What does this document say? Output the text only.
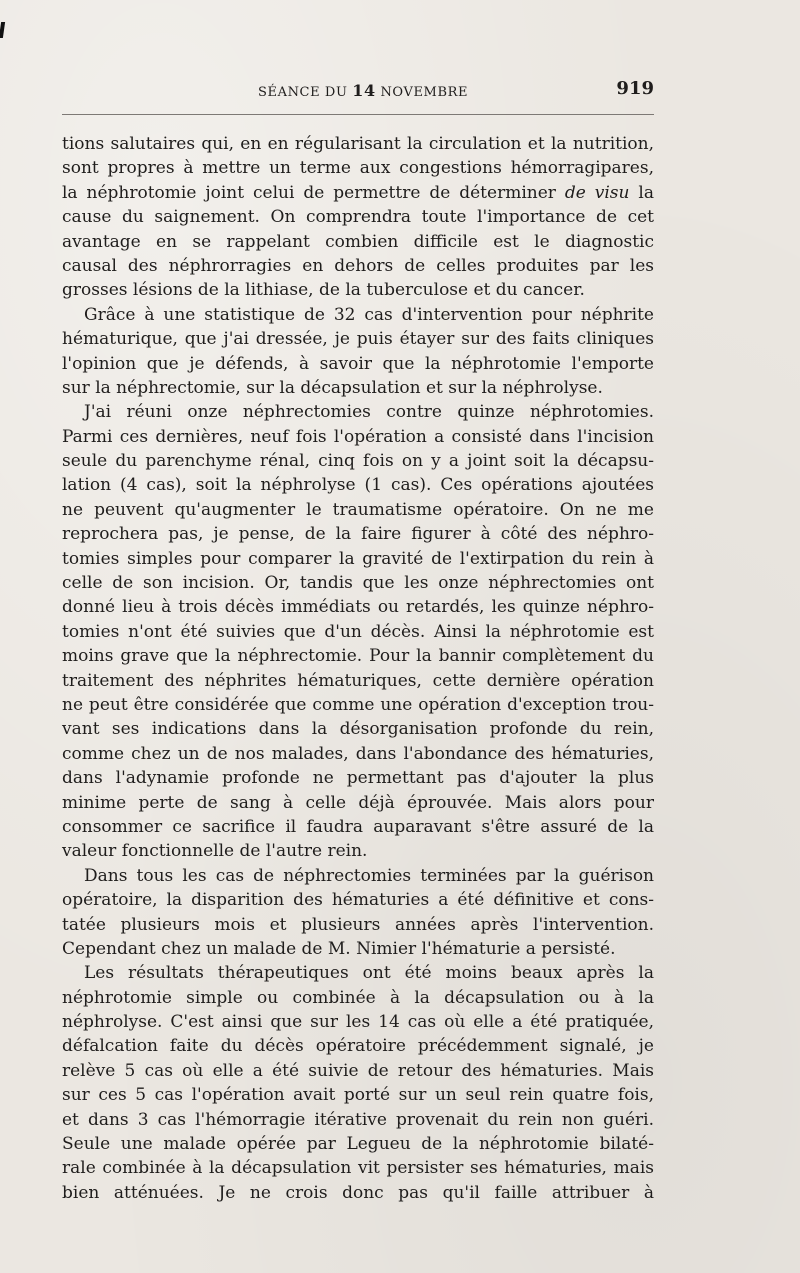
SÉANCE DU 14 NOVEMBRE	919
tions salutaires qui, en en régularisant la circulation et la nutrition,
sont propres à mettre un terme aux congestions hémorragipares,
la néphrotomie joint celui de permettre de déterminer de visu la
cause du saignement. On comprendra toute l'importance de cet
avantage en se rappelant combien difficile est le diagnostic
causal des néphrorragies en dehors de celles produites par les
grosses lésions de la lithiase, de la tuberculose et du cancer.
Grâce à une statistique de 32 cas d'intervention pour néphrite
hématurique, que j'ai dressée, je puis étayer sur des faits cliniques
l'opinion que je défends, à savoir que la néphrotomie l'emporte
sur la néphrectomie, sur la décapsulation et sur la néphrolyse.
J'ai réuni onze néphrectomies contre quinze néphrotomies.
Parmi ces dernières, neuf fois l'opération a consisté dans l'incision
seule du parenchyme rénal, cinq fois on y a joint soit la décapsu-
lation (4 cas), soit la néphrolyse (1 cas). Ces opérations ajoutées
ne peuvent qu'augmenter le traumatisme opératoire. On ne me
reprochera pas, je pense, de la faire figurer à côté des néphro-
tomies simples pour comparer la gravité de l'extirpation du rein à
celle de son incision. Or, tandis que les onze néphrectomies ont
donné lieu à trois décès immédiats ou retardés, les quinze néphro-
tomies n'ont été suivies que d'un décès. Ainsi la néphrotomie est
moins grave que la néphrectomie. Pour la bannir complètement du
traitement des néphrites hématuriques, cette dernière opération
ne peut être considérée que comme une opération d'exception trou-
vant ses indications dans la désorganisation profonde du rein,
comme chez un de nos malades, dans l'abondance des hématuries,
dans l'adynamie profonde ne permettant pas d'ajouter la plus
minime perte de sang à celle déjà éprouvée. Mais alors pour
consommer ce sacrifice il faudra auparavant s'être assuré de la
valeur fonctionnelle de l'autre rein.
Dans tous les cas de néphrectomies terminées par la guérison
opératoire, la disparition des hématuries a été définitive et cons-
tatée plusieurs mois et plusieurs années après l'intervention.
Cependant chez un malade de M. Nimier l'hématurie a persisté.
Les résultats thérapeutiques ont été moins beaux après la
néphrotomie simple ou combinée à la décapsulation ou à la
néphrolyse. C'est ainsi que sur les 14 cas où elle a été pratiquée,
défalcation faite du décès opératoire précédemment signalé, je
relève 5 cas où elle a été suivie de retour des hématuries. Mais
sur ces 5 cas l'opération avait porté sur un seul rein quatre fois,
et dans 3 cas l'hémorragie itérative provenait du rein non guéri.
Seule une malade opérée par Legueu de la néphrotomie bilaté-
rale combinée à la décapsulation vit persister ses hématuries, mais
bien atténuées. Je ne crois donc pas qu'il faille attribuer à
